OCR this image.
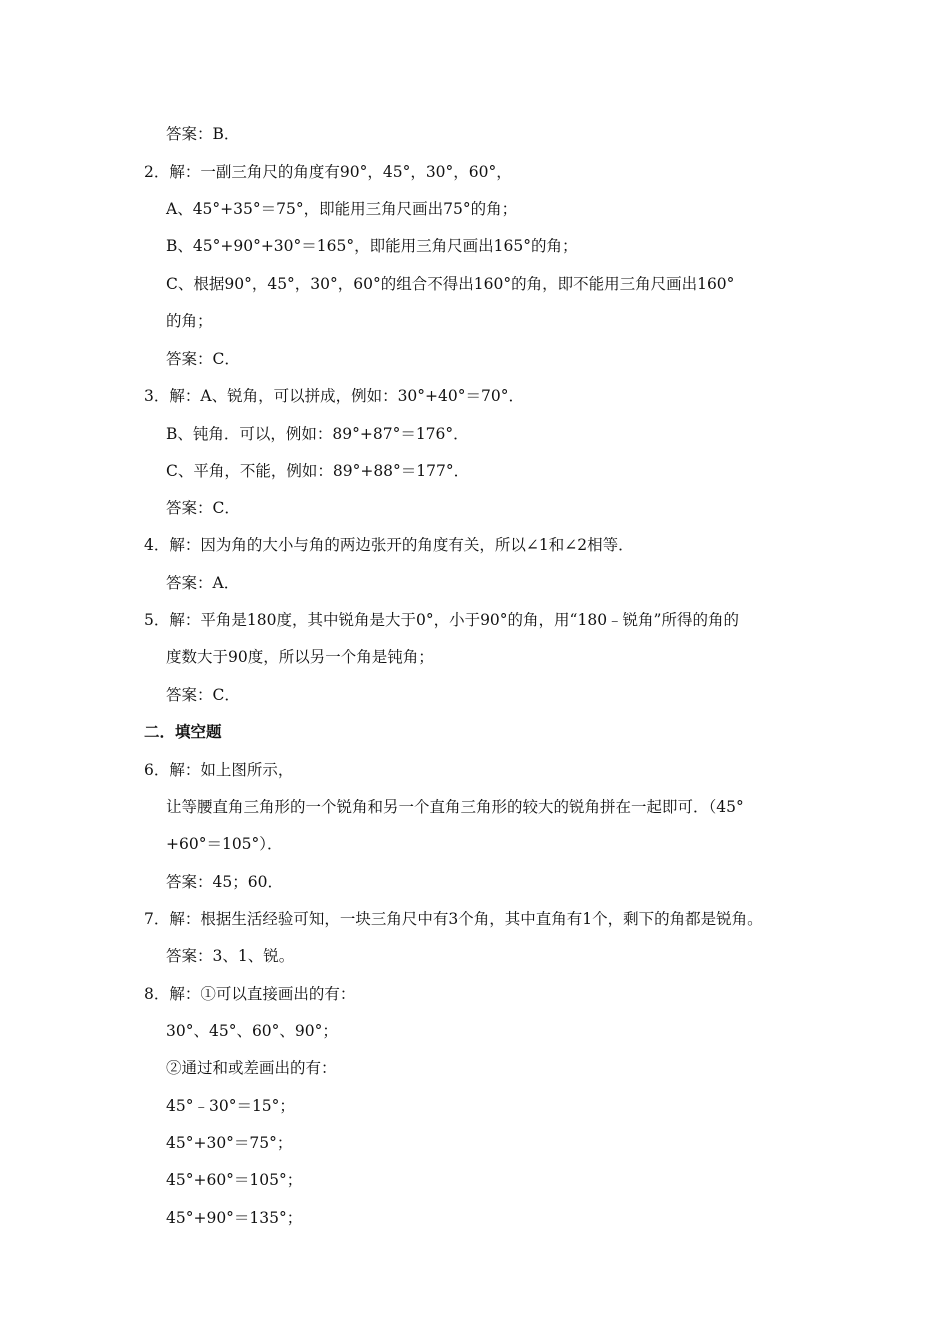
答案：B．
2．解：一副三角尺的角度有90°，45°，30°，60°，
A、45°+35°＝75°，即能用三角尺画出75°的角；
B、45°+90°+30°＝165°，即能用三角尺画出165°的角；
C、根据90°，45°，30°，60°的组合不得出160°的角，即不能用三角尺画出160°
的角；
答案：C．
3．解：A、锐角，可以拼成，例如：30°+40°＝70°．
B、钝角．可以，例如：89°+87°＝176°．
C、平角，不能，例如：89°+88°＝177°．
答案：C．
4．解：因为角的大小与角的两边张开的角度有关，所以∠1和∠2相等．
答案：A．
5．解：平角是180度，其中锐角是大于0°，小于90°的角，用“180﹣锐角”所得的角的
度数大于90度，所以另一个角是钝角；
答案：C．
二．填空题
6．解：如上图所示，
让等腰直角三角形的一个锐角和另一个直角三角形的较大的锐角拼在一起即可．（45°
+60°＝105°）．
答案：45；60．
7．解：根据生活经验可知，一块三角尺中有3个角，其中直角有1个，剩下的角都是锐角。
答案：3、1、锐。
8．解：①可以直接画出的有：
30°、45°、60°、90°；
②通过和或差画出的有：
45°﹣30°＝15°；
45°+30°＝75°；
45°+60°＝105°；
45°+90°＝135°；
